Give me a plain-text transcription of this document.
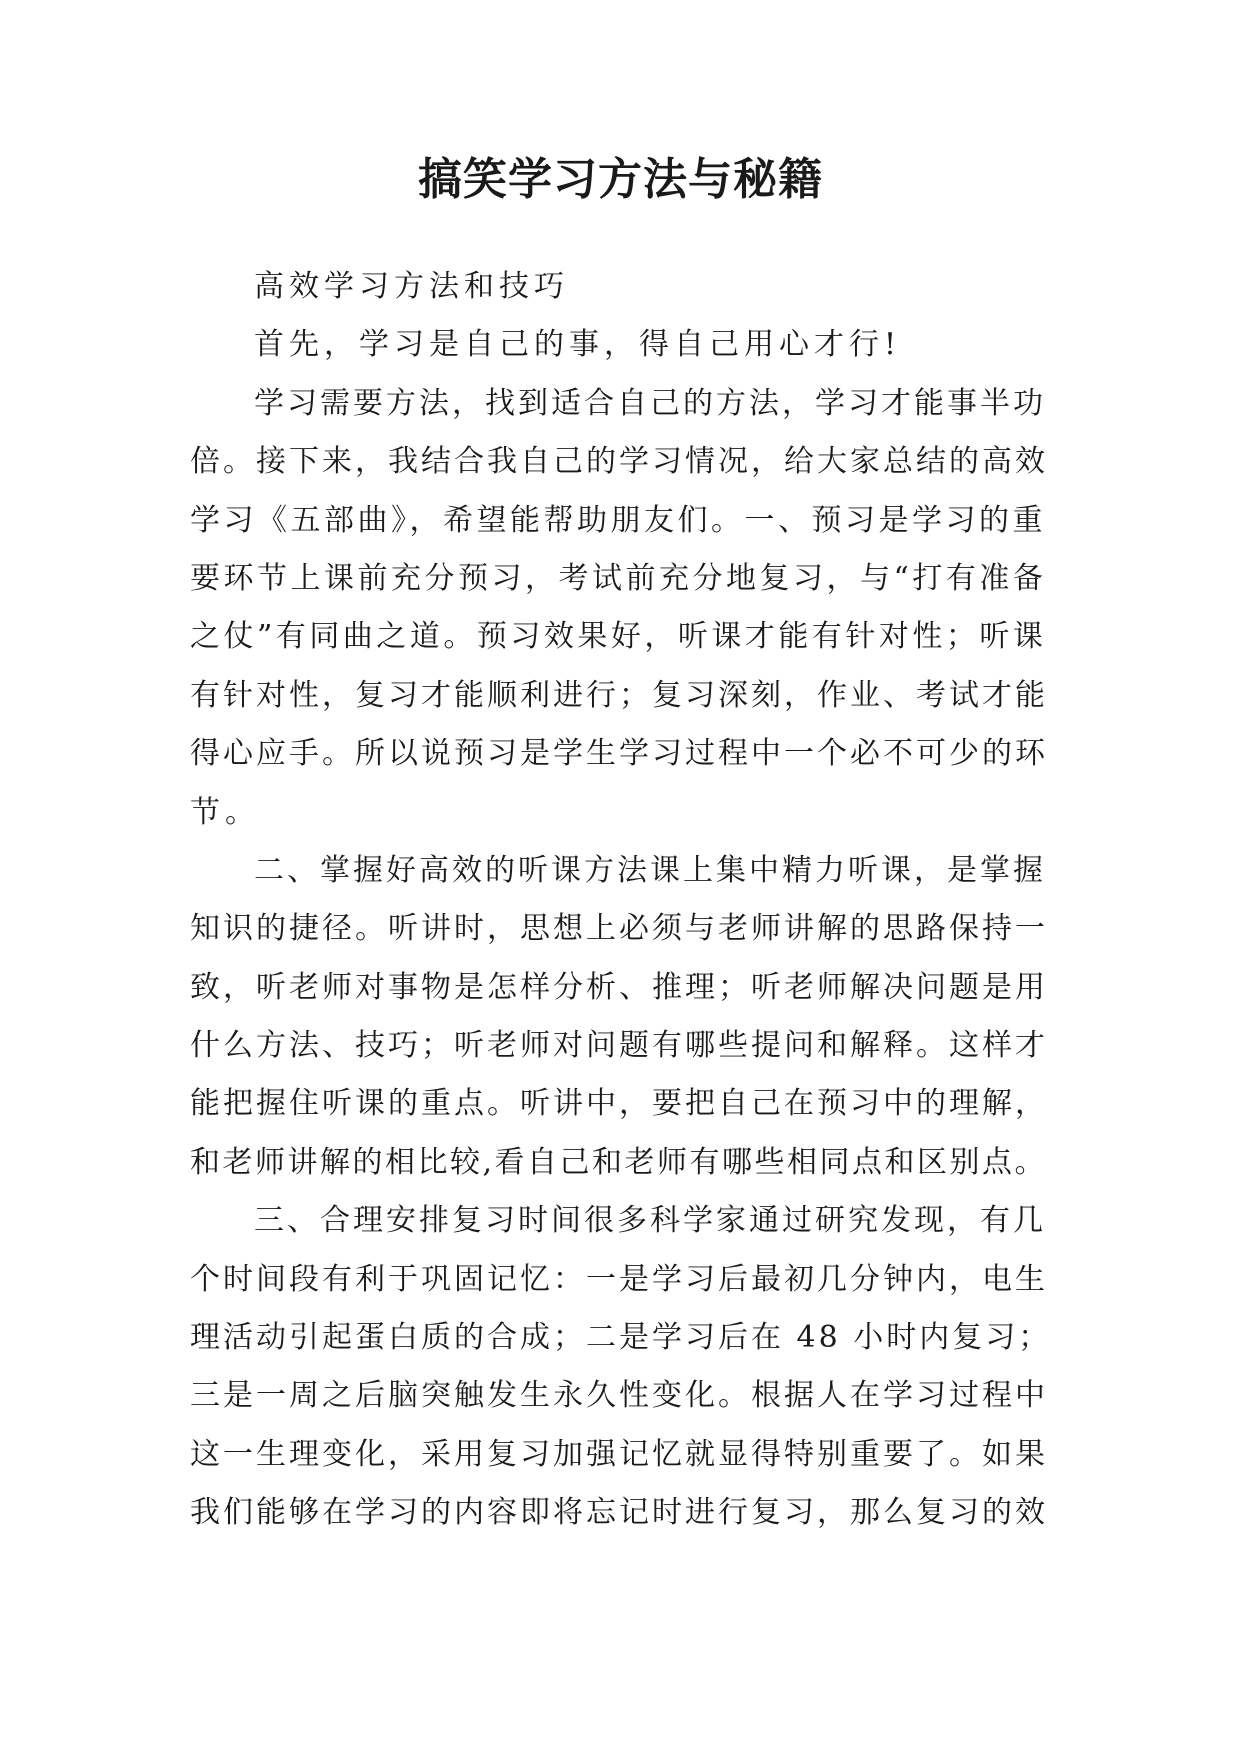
搞笑学习方法与秘籍
高效学习方法和技巧
首先，学习是自己的事，得自己用心才行!
学习需要方法，找到适合自己的方法，学习才能事半功
倍。接下来，我结合我自己的学习情况，给大家总结的高效
学习《五部曲》，希望能帮助朋友们。一、预习是学习的重
要环节上课前充分预习，考试前充分地复习，与“打有准备
之仗”有同曲之道。预习效果好，听课才能有针对性；听课
有针对性，复习才能顺利进行；复习深刻，作业、考试才能
得心应手。所以说预习是学生学习过程中一个必不可少的环
节。
二、掌握好高效的听课方法课上集中精力听课，是掌握
知识的捷径。听讲时，思想上必须与老师讲解的思路保持一
致，听老师对事物是怎样分析、推理；听老师解决问题是用
什么方法、技巧；听老师对问题有哪些提问和解释。这样才
能把握住听课的重点。听讲中，要把自己在预习中的理解，
和老师讲解的相比较,看自己和老师有哪些相同点和区别点。
三、合理安排复习时间很多科学家通过研究发现，有几
个时间段有利于巩固记忆：一是学习后最初几分钟内，电生
理活动引起蛋白质的合成；二是学习后在 48 小时内复习；
三是一周之后脑突触发生永久性变化。根据人在学习过程中
这一生理变化，采用复习加强记忆就显得特别重要了。如果
我们能够在学习的内容即将忘记时进行复习，那么复习的效
